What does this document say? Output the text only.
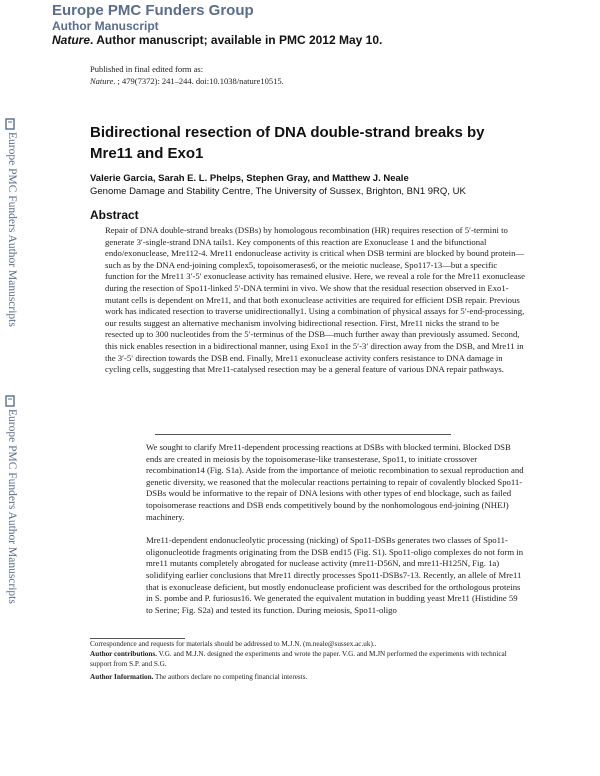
Europe PMC Funders Group
Author Manuscript
Nature. Author manuscript; available in PMC 2012 May 10.
Published in final edited form as:
Nature. ; 479(7372): 241–244. doi:10.1038/nature10515.
Europe PMC Funders Author Manuscripts
Europe PMC Funders Author Manuscripts
Bidirectional resection of DNA double-strand breaks by Mre11 and Exo1
Valerie Garcia, Sarah E. L. Phelps, Stephen Gray, and Matthew J. Neale
Genome Damage and Stability Centre, The University of Sussex, Brighton, BN1 9RQ, UK
Abstract
Repair of DNA double-strand breaks (DSBs) by homologous recombination (HR) requires resection of 5′-termini to generate 3′-single-strand DNA tails1. Key components of this reaction are Exonuclease 1 and the bifunctional endo/exonuclease, Mre112-4. Mre11 endonuclease activity is critical when DSB termini are blocked by bound protein—such as by the DNA end-joining complex5, topoisomerases6, or the meiotic nuclease, Spo117-13—but a specific function for the Mre11 3′-5′ exonuclease activity has remained elusive. Here, we reveal a role for the Mre11 exonuclease during the resection of Spo11-linked 5′-DNA termini in vivo. We show that the residual resection observed in Exo1-mutant cells is dependent on Mre11, and that both exonuclease activities are required for efficient DSB repair. Previous work has indicated resection to traverse unidirectionally1. Using a combination of physical assays for 5′-end-processing, our results suggest an alternative mechanism involving bidirectional resection. First, Mre11 nicks the strand to be resected up to 300 nucleotides from the 5′-terminus of the DSB—much further away than previously assumed. Second, this nick enables resection in a bidirectional manner, using Exo1 in the 5′-3′ direction away from the DSB, and Mre11 in the 3′-5′ direction towards the DSB end. Finally, Mre11 exonuclease activity confers resistance to DNA damage in cycling cells, suggesting that Mre11-catalysed resection may be a general feature of various DNA repair pathways.

We sought to clarify Mre11-dependent processing reactions at DSBs with blocked termini. Blocked DSB ends are created in meiosis by the topoisomerase-like transesterase, Spo11, to initiate crossover recombination14 (Fig. S1a). Aside from the importance of meiotic recombination to sexual reproduction and genetic diversity, we reasoned that the molecular reactions pertaining to repair of covalently blocked Spo11-DSBs would be informative to the repair of DNA lesions with other types of end blockage, such as failed topoisomerase reactions and DSB ends competitively bound by the nonhomologous end-joining (NHEJ) machinery.

Mre11-dependent endonucleolytic processing (nicking) of Spo11-DSBs generates two classes of Spo11-oligonucleotide fragments originating from the DSB end15 (Fig. S1). Spo11-oligo complexes do not form in mre11 mutants completely abrogated for nuclease activity (mre11-D56N, and mre11-H125N, Fig. 1a) solidifying earlier conclusions that Mre11 directly processes Spo11-DSBs7-13. Recently, an allele of Mre11 that is exonuclease deficient, but mostly endonuclease proficient was described for the orthologous proteins in S. pombe and P. furiosus16. We generated the equivalent mutation in budding yeast Mre11 (Histidine 59 to Serine; Fig. S2a) and tested its function. During meiosis, Spo11-oligo

Correspondence and requests for materials should be addressed to M.J.N. (m.neale@sussex.ac.uk)..

Author contributions. V.G. and M.J.N. designed the experiments and wrote the paper. V.G. and M.JN performed the experiments with technical support from S.P. and S.G.

Author Information. The authors declare no competing financial interests.
